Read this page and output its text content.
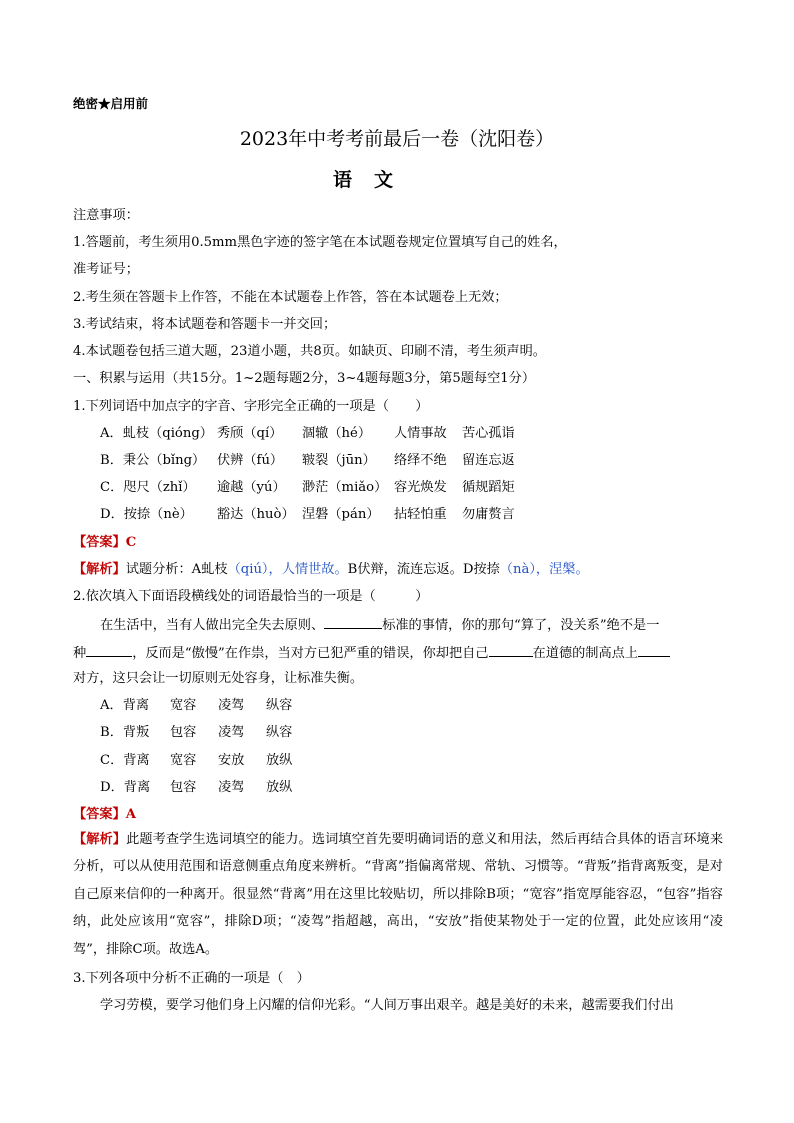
绝密★启用前
2023年中考考前最后一卷（沈阳卷）
语文
注意事项：
1.答题前，考生须用0.5mm黑色字迹的签字笔在本试题卷规定位置填写自己的姓名，
准考证号；
2.考生须在答题卡上作答，不能在本试题卷上作答，答在本试题卷上无效；
3.考试结束，将本试题卷和答题卡一并交回；
4.本试题卷包括三道大题，23道小题，共8页。如缺页、印刷不清，考生须声明。
一、积累与运用（共15分。1~2题每题2分，3~4题每题3分，第5题每空1分）
1.下列词语中加点字的字音、字形完全正确的一项是（　　）
A．虬枝（qióng） 秀颀（qí） 涸辙（hé） 人情事故 苦心孤诣
B．秉公（bǐng） 伏辨（fú） 皲裂（jūn） 络绎不绝 留连忘返
C．咫尺（zhǐ） 逾越（yú） 渺茫（miǎo） 容光焕发 循规蹈矩
D．按捺（nè） 豁达（huò） 涅磐（pán） 拈轻怕重 勿庸赘言
【答案】C
【解析】试题分析：A虬枝（qiú），人情世故。B伏辩，流连忘返。D按捺（nà），涅槃。
2.依次填入下面语段横线处的词语最恰当的一项是（　　　）
在生活中，当有人做出完全失去原则、	标准的事情，你的那句“算了，没关系”绝不是一
种	，反而是“傲慢”在作祟，当对方已犯严重的错误，你却把自己	在道德的制高点上
对方，这只会让一切原则无处容身，让标准失衡。
A．背离 宽容 凌驾 纵容
B．背叛 包容 凌驾 纵容
C．背离 宽容 安放 放纵
D．背离 包容 凌驾 放纵
【答案】A
【解析】此题考查学生选词填空的能力。选词填空首先要明确词语的意义和用法，然后再结合具体的语言环境来分析，可以从使用范围和语意侧重点角度来辨析。“背离”指偏离常规、常轨、习惯等。“背叛”指背离叛变，是对自己原来信仰的一种离开。很显然“背离”用在这里比较贴切，所以排除B项；“宽容”指宽厚能容忍，“包容”指容纳，此处应该用“宽容”，排除D项；“凌驾”指超越，高出，“安放”指使某物处于一定的位置，此处应该用“凌驾”，排除C项。故选A。
3.下列各项中分析不正确的一项是（　）
学习劳模，要学习他们身上闪耀的信仰光彩。“人间万事出艰辛。越是美好的未来，越需要我们付出
